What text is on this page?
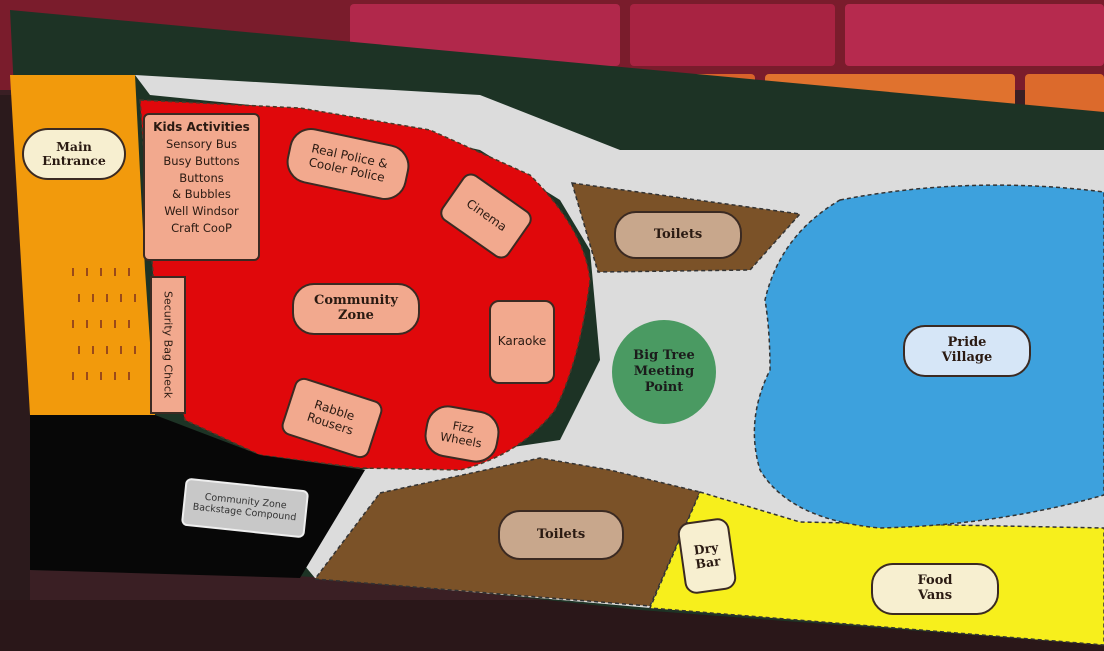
Main
Entrance
Kids Activities
Sensory Bus
Busy Buttons
Buttons
& Bubbles
Well Windsor
Craft CooP
Security Bag Check
Real Police &
Cooler Police
Cinema
Community
Zone
Karaoke
Rabble
Rousers	Fizz
Wheels
Community Zone
Backstage Compound
Toilets
Big Tree
Meeting
Point
Pride
Village
Toilets
Dry
Bar
Food
Vans
